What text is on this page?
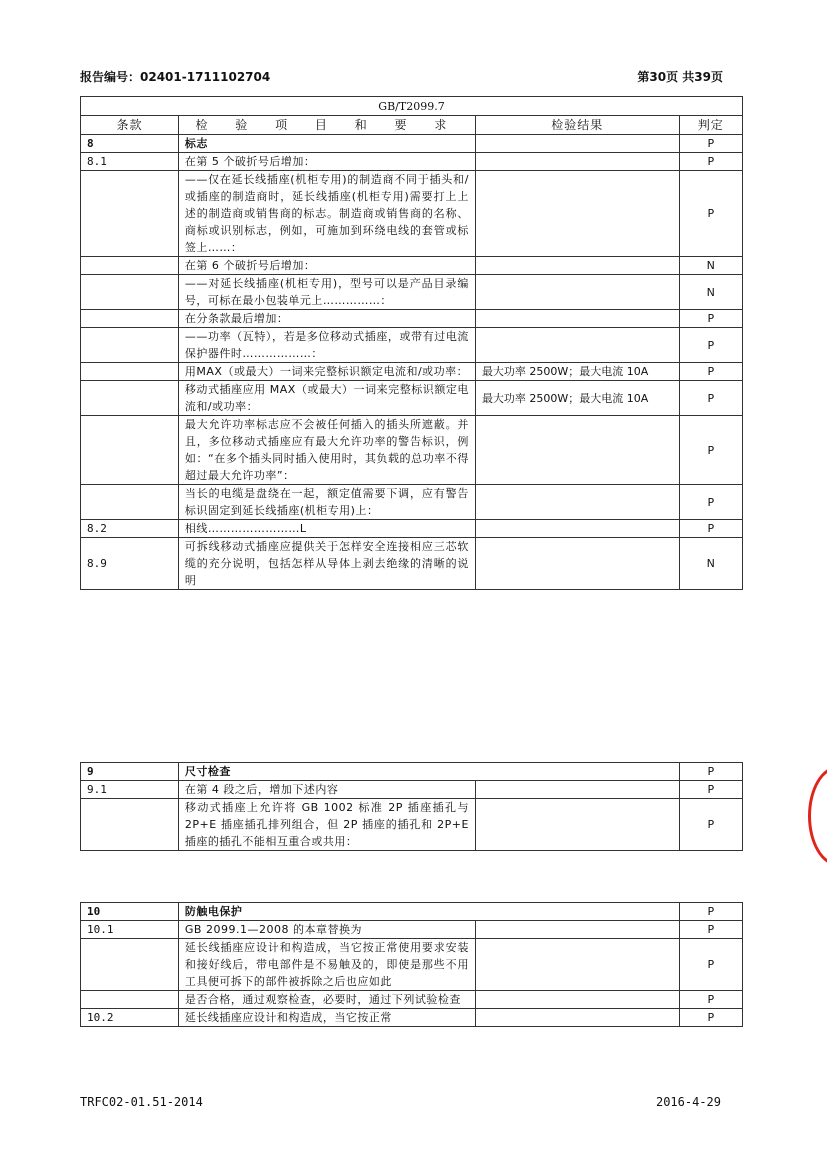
报告编号：02401-1711102704	第30页 共39页
GB/T2099.7			
条款	检 验 项 目 和 要 求	检验结果	判定
8	标志		P
8.1	在第 5 个破折号后增加：		P
	——仅在延长线插座(机柜专用)的制造商不同于插头和/或插座的制造商时，延长线插座(机柜专用)需要打上上述的制造商或销售商的标志。制造商或销售商的名称、商标或识别标志，例如，可施加到环绕电线的套管或标签上……：		P
	在第 6 个破折号后增加：		N
	——对延长线插座(机柜专用)，型号可以是产品目录编号，可标在最小包装单元上……………：		N
	在分条款最后增加：		P
	——功率（瓦特），若是多位移动式插座，或带有过电流保护器件时………………：		P
	用MAX（或最大）一词来完整标识额定电流和/或功率：	最大功率 2500W；最大电流 10A	P
	移动式插座应用 MAX（或最大）一词来完整标识额定电流和/或功率：	最大功率 2500W；最大电流 10A	P
	最大允许功率标志应不会被任何插入的插头所遮蔽。并且，多位移动式插座应有最大允许功率的警告标识，例如：“在多个插头同时插入使用时，其负载的总功率不得超过最大允许功率”：		P
	当长的电缆是盘绕在一起，额定值需要下调，应有警告标识固定到延长线插座(机柜专用)上：		P
8.2	相线……………………L		P
8.9	可拆线移动式插座应提供关于怎样安全连接相应三芯软缆的充分说明，包括怎样从导体上剥去绝缘的清晰的说明		N
9	尺寸检查		P
9.1	在第 4 段之后，增加下述内容		P
	移动式插座上允许将 GB 1002 标准 2P 插座插孔与 2P+E 插座插孔排列组合，但 2P 插座的插孔和 2P+E 插座的插孔不能相互重合或共用：		P
10	防触电保护		P
10.1	GB 2099.1—2008 的本章替换为		P
	延长线插座应设计和构造成，当它按正常使用要求安装和接好线后，带电部件是不易触及的，即使是那些不用工具便可拆下的部件被拆除之后也应如此		P
	是否合格，通过观察检查，必要时，通过下列试验检查		P
10.2	延长线插座应设计和构造成，当它按正常		P
TRFC02-01.51-2014	2016-4-29
